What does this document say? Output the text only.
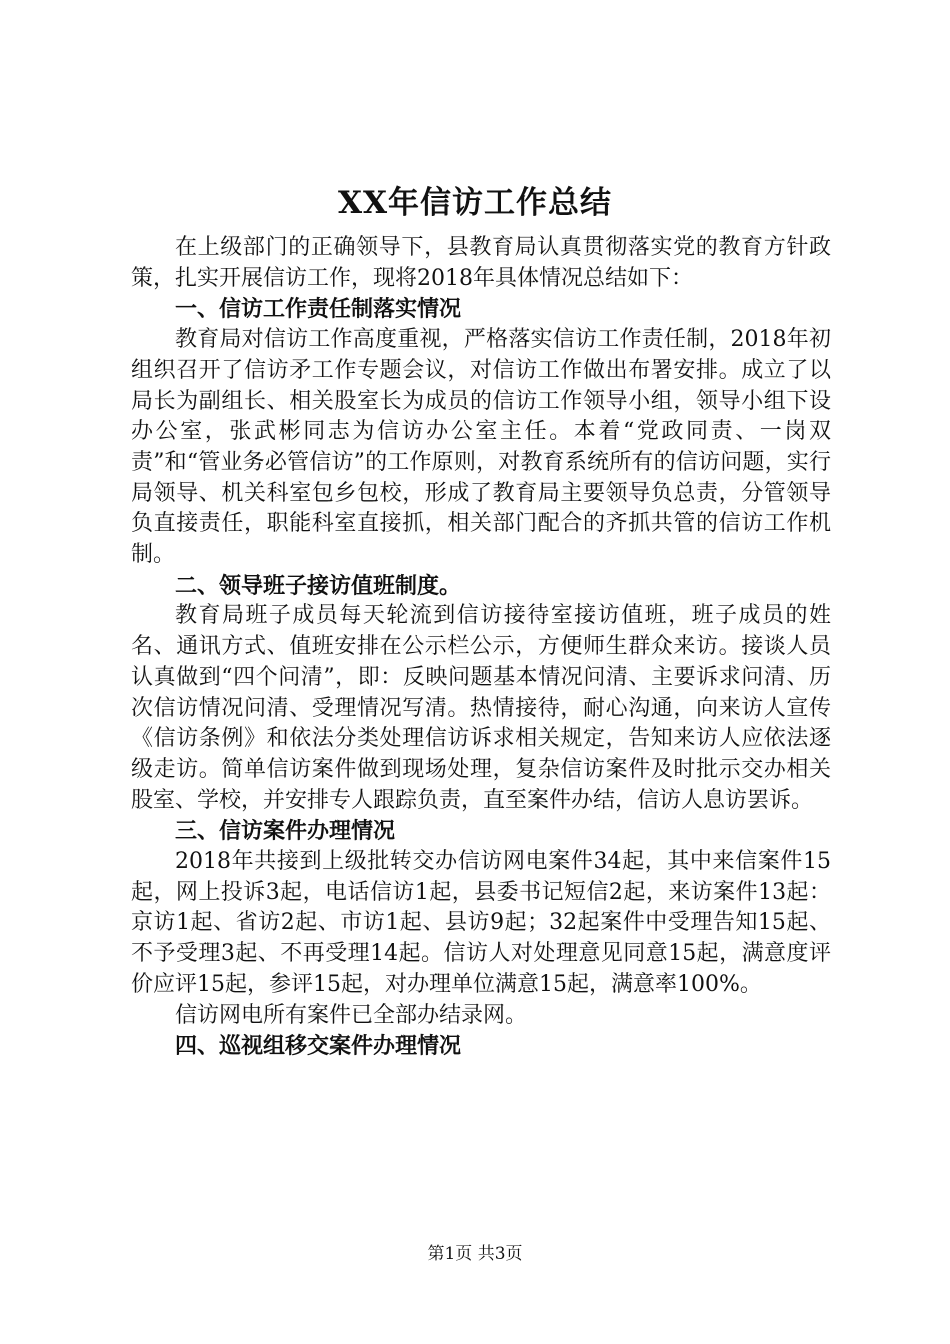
XX年信访工作总结

在上级部门的正确领导下，县教育局认真贯彻落实党的教育方针政策，扎实开展信访工作，现将2018年具体情况总结如下：

一、信访工作责任制落实情况

教育局对信访工作高度重视，严格落实信访工作责任制，2018年初组织召开了信访矛工作专题会议，对信访工作做出布署安排。成立了以局长为副组长、相关股室长为成员的信访工作领导小组，领导小组下设办公室，张武彬同志为信访办公室主任。本着“党政同责、一岗双责”和“管业务必管信访”的工作原则，对教育系统所有的信访问题，实行局领导、机关科室包乡包校，形成了教育局主要领导负总责，分管领导负直接责任，职能科室直接抓，相关部门配合的齐抓共管的信访工作机制。

二、领导班子接访值班制度。

教育局班子成员每天轮流到信访接待室接访值班，班子成员的姓名、通讯方式、值班安排在公示栏公示，方便师生群众来访。接谈人员认真做到“四个问清”，即：反映问题基本情况问清、主要诉求问清、历次信访情况问清、受理情况写清。热情接待，耐心沟通，向来访人宣传《信访条例》和依法分类处理信访诉求相关规定，告知来访人应依法逐级走访。简单信访案件做到现场处理，复杂信访案件及时批示交办相关股室、学校，并安排专人跟踪负责，直至案件办结，信访人息访罢诉。

三、信访案件办理情况

2018年共接到上级批转交办信访网电案件34起，其中来信案件15起，网上投诉3起，电话信访1起，县委书记短信2起，来访案件13起：京访1起、省访2起、市访1起、县访9起；32起案件中受理告知15起、不予受理3起、不再受理14起。信访人对处理意见同意15起，满意度评价应评15起，参评15起，对办理单位满意15起，满意率100%。

信访网电所有案件已全部办结录网。

四、巡视组移交案件办理情况
第1页 共3页
